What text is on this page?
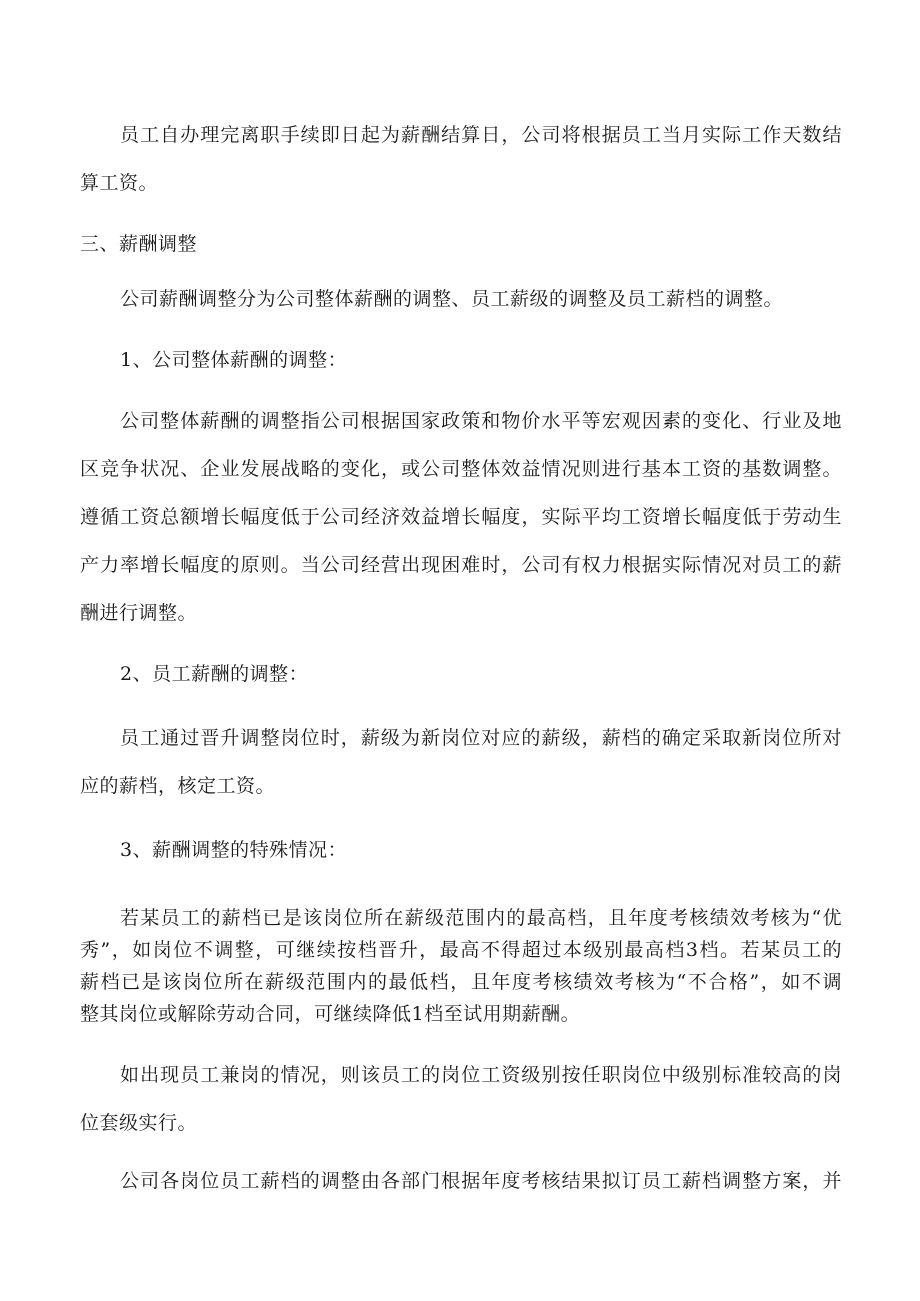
员工自办理完离职手续即日起为薪酬结算日，公司将根据员工当月实际工作天数结
算工资。
三、薪酬调整
公司薪酬调整分为公司整体薪酬的调整、员工薪级的调整及员工薪档的调整。
1、公司整体薪酬的调整：
公司整体薪酬的调整指公司根据国家政策和物价水平等宏观因素的变化、行业及地
区竞争状况、企业发展战略的变化，或公司整体效益情况则进行基本工资的基数调整。
遵循工资总额增长幅度低于公司经济效益增长幅度，实际平均工资增长幅度低于劳动生
产力率增长幅度的原则。当公司经营出现困难时，公司有权力根据实际情况对员工的薪
酬进行调整。
2、员工薪酬的调整：
员工通过晋升调整岗位时，薪级为新岗位对应的薪级，薪档的确定采取新岗位所对
应的薪档，核定工资。
3、薪酬调整的特殊情况：
若某员工的薪档已是该岗位所在薪级范围内的最高档，且年度考核绩效考核为“优
秀”，如岗位不调整，可继续按档晋升，最高不得超过本级别最高档3档。若某员工的
薪档已是该岗位所在薪级范围内的最低档，且年度考核绩效考核为“不合格”，如不调
整其岗位或解除劳动合同，可继续降低1档至试用期薪酬。
如出现员工兼岗的情况，则该员工的岗位工资级别按任职岗位中级别标准较高的岗
位套级实行。
公司各岗位员工薪档的调整由各部门根据年度考核结果拟订员工薪档调整方案，并
